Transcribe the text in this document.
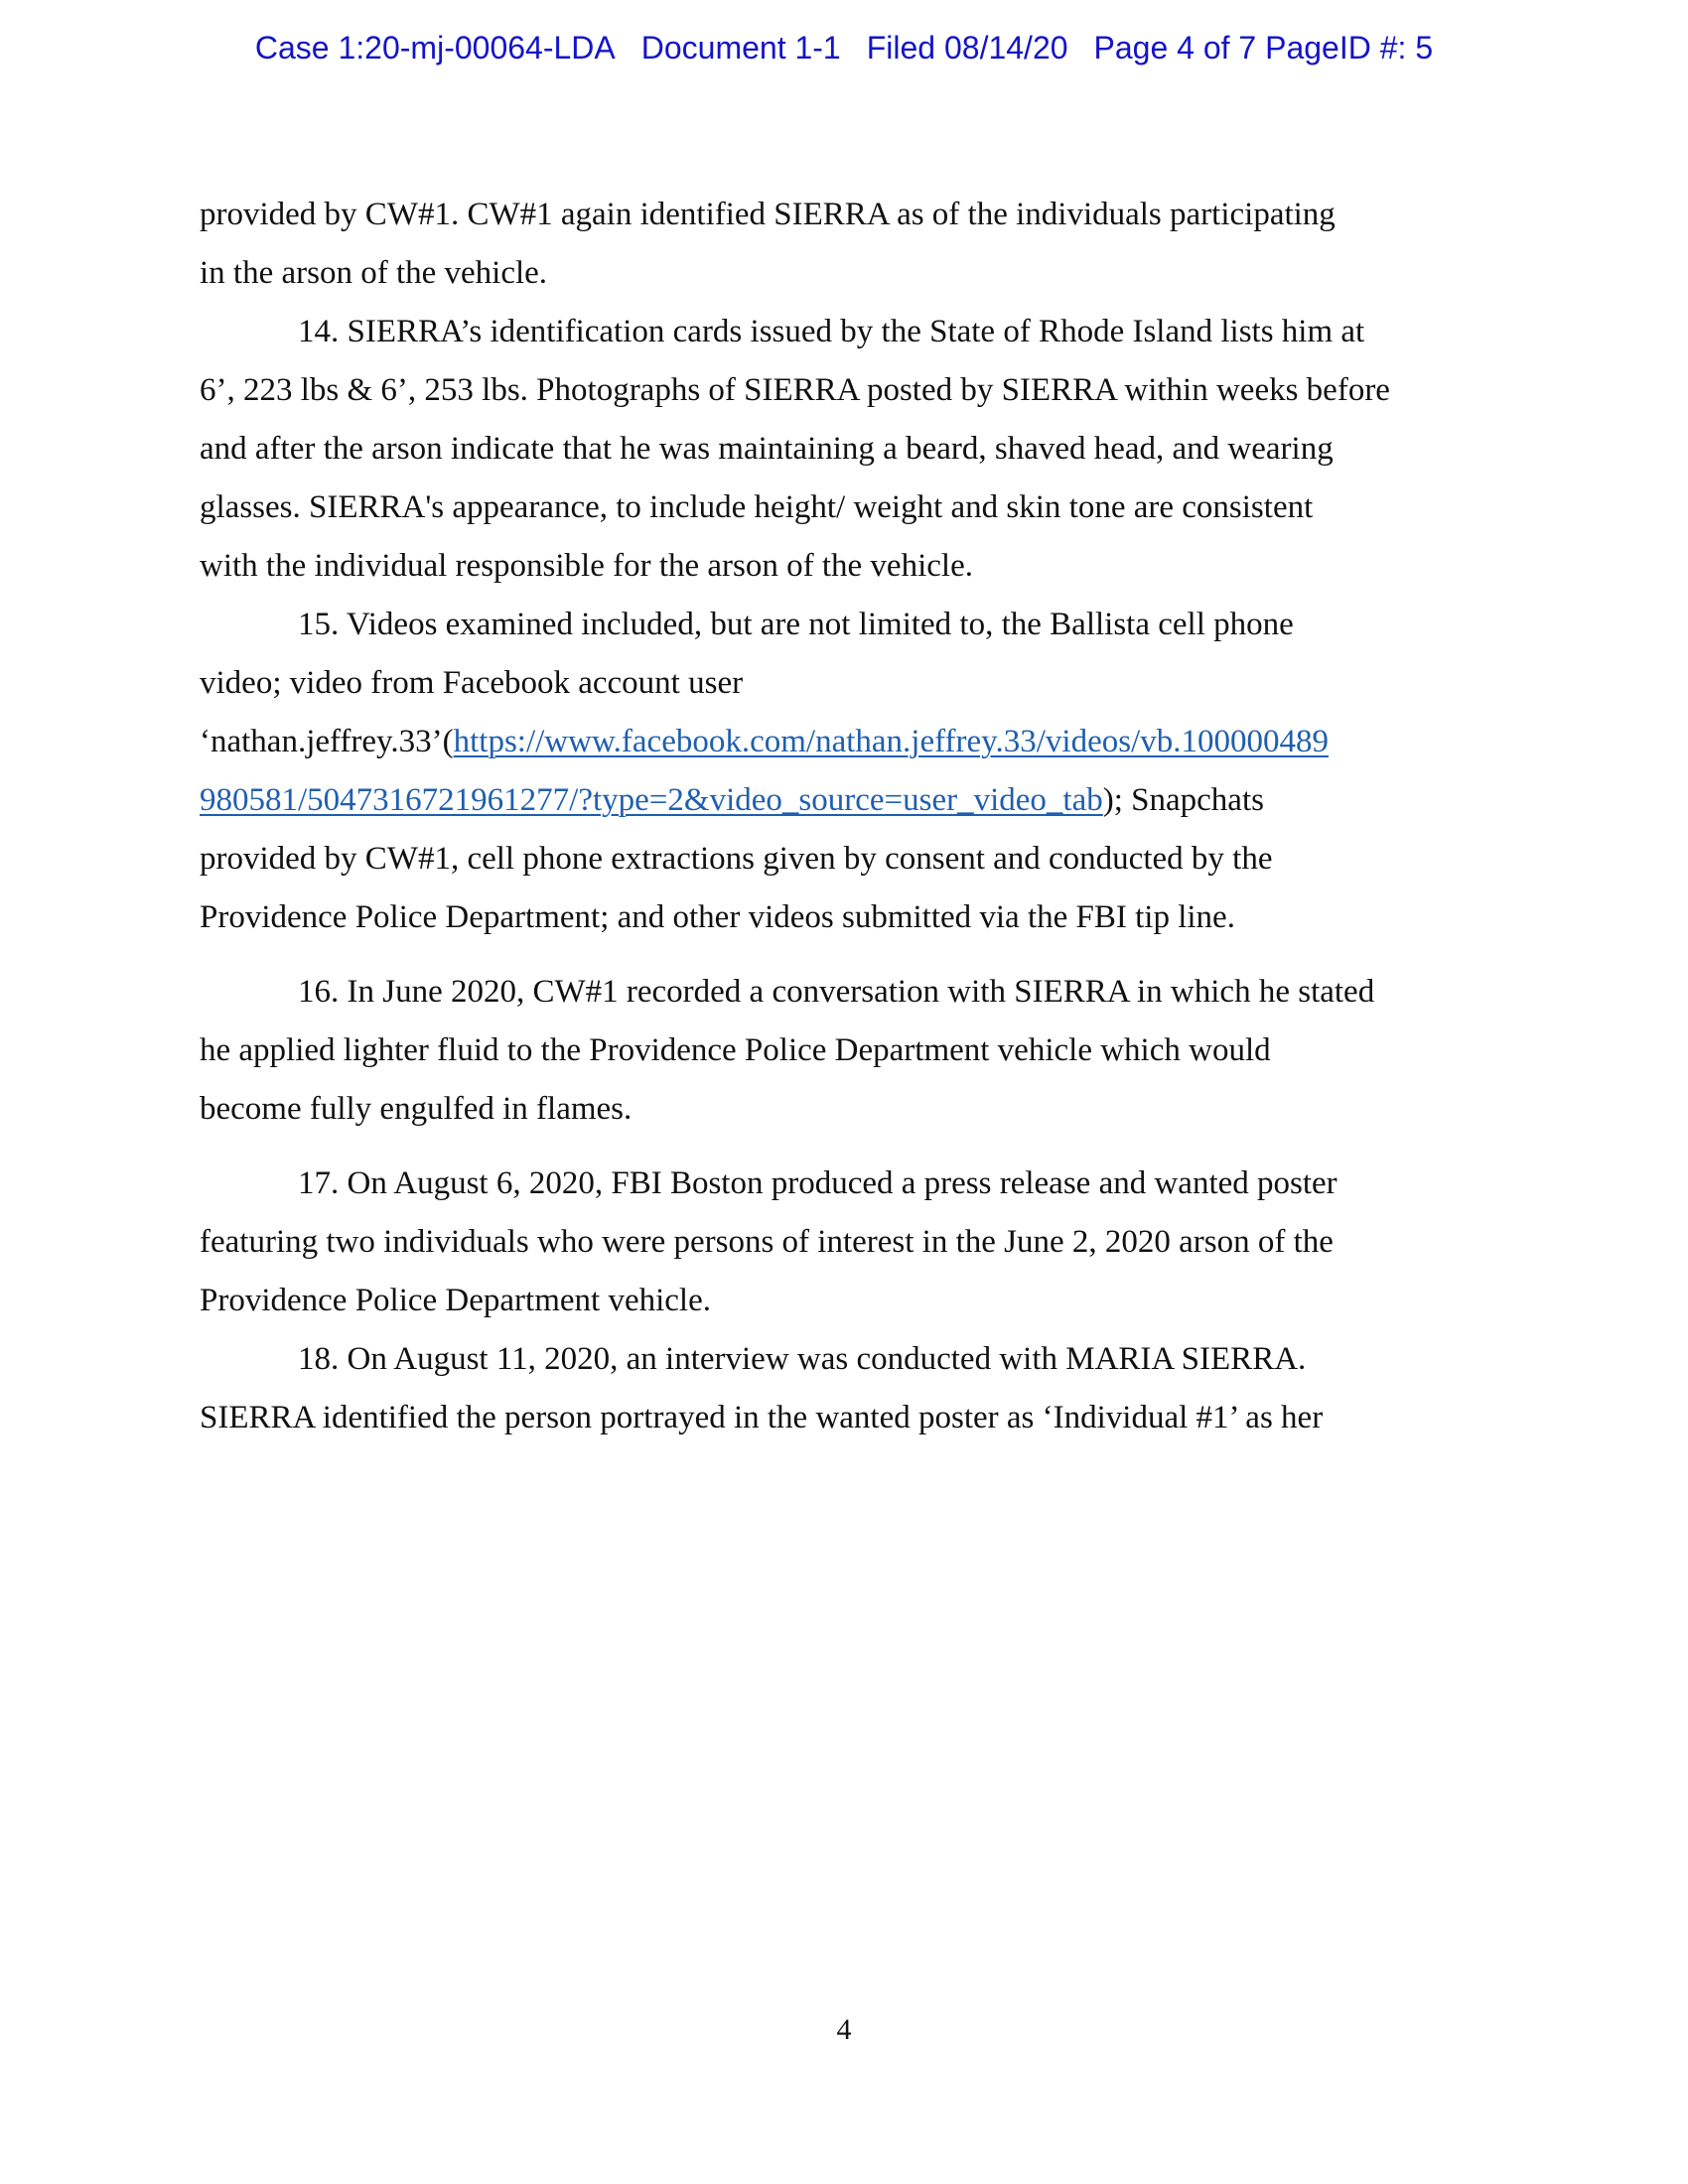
Case 1:20-mj-00064-LDA Document 1-1 Filed 08/14/20 Page 4 of 7 PageID #: 5
provided by CW#1. CW#1 again identified SIERRA as of the individuals participating
in the arson of the vehicle.
14. SIERRA’s identification cards issued by the State of Rhode Island lists him at
6’, 223 lbs & 6’, 253 lbs. Photographs of SIERRA posted by SIERRA within weeks before
and after the arson indicate that he was maintaining a beard, shaved head, and wearing
glasses. SIERRA's appearance, to include height/ weight and skin tone are consistent
with the individual responsible for the arson of the vehicle.
15. Videos examined included, but are not limited to, the Ballista cell phone
video; video from Facebook account user
‘nathan.jeffrey.33’(https://www.facebook.com/nathan.jeffrey.33/videos/vb.100000489
980581/5047316721961277/?type=2&video_source=user_video_tab); Snapchats
provided by CW#1, cell phone extractions given by consent and conducted by the
Providence Police Department; and other videos submitted via the FBI tip line.
16. In June 2020, CW#1 recorded a conversation with SIERRA in which he stated
he applied lighter fluid to the Providence Police Department vehicle which would
become fully engulfed in flames.
17. On August 6, 2020, FBI Boston produced a press release and wanted poster
featuring two individuals who were persons of interest in the June 2, 2020 arson of the
Providence Police Department vehicle.
18. On August 11, 2020, an interview was conducted with MARIA SIERRA.
SIERRA identified the person portrayed in the wanted poster as ‘Individual #1’ as her
4
